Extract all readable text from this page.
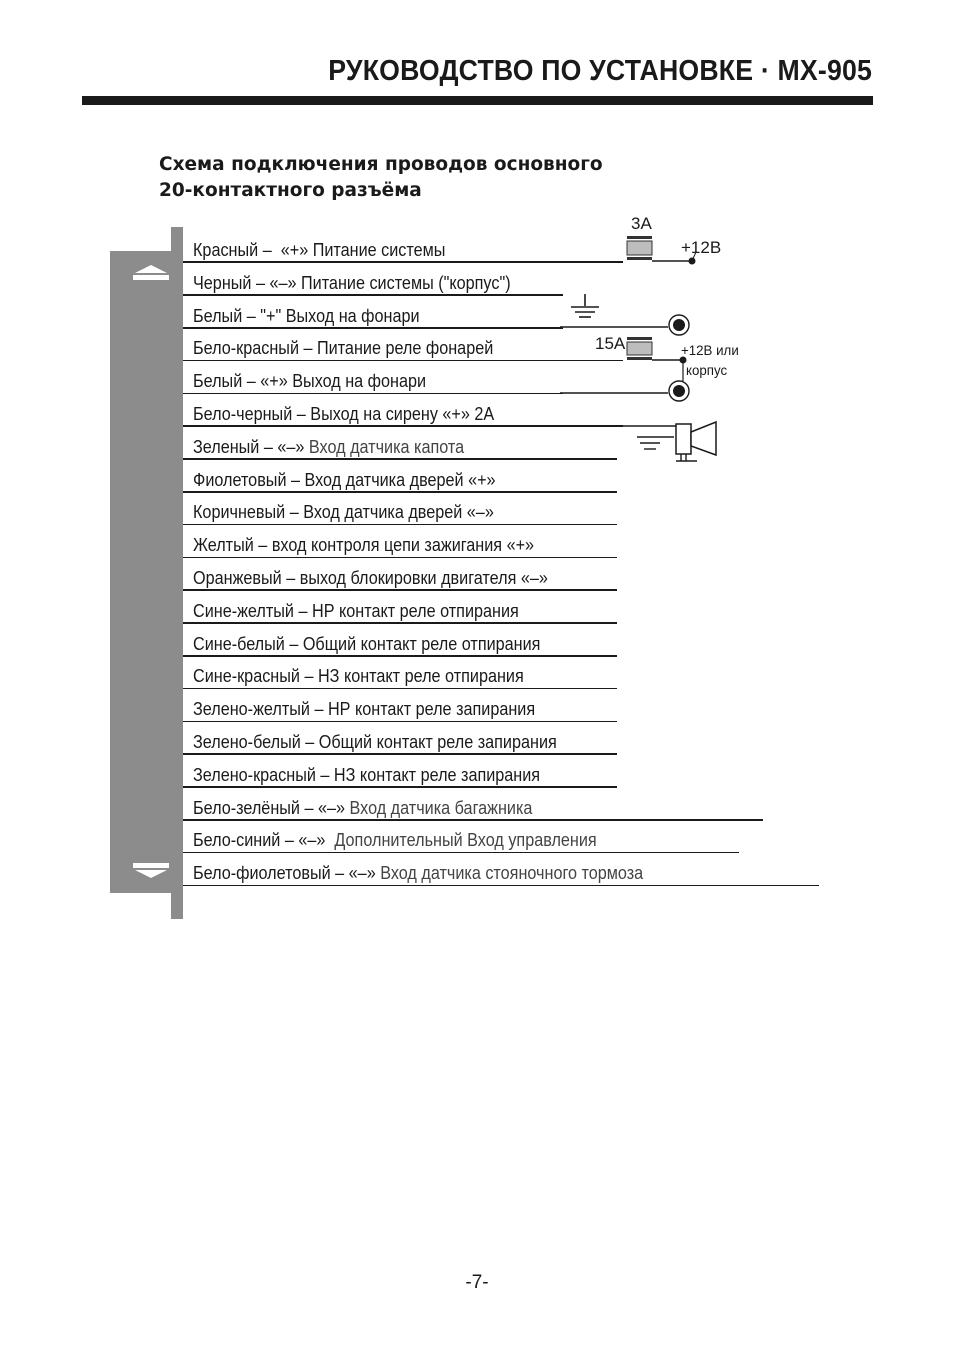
РУКОВОДСТВО ПО УСТАНОВКЕ · MX-905
Схема подключения проводов основного
20-контактного разъёма
Красный –  «+» Питание системы
Черный – «–» Питание системы ("корпус")
Белый – "+" Выход на фонари
Бело-красный – Питание реле фонарей
Белый – «+» Выход на фонари
Бело-черный – Выход на сирену «+» 2А
Зеленый – «–» Вход датчика капота
Фиолетовый – Вход датчика дверей «+»
Коричневый – Вход датчика дверей «–»
Желтый – вход контроля цепи зажигания «+»
Оранжевый – выход блокировки двигателя «–»
Сине-желтый – НР контакт реле отпирания
Сине-белый – Общий контакт реле отпирания
Сине-красный – НЗ контакт реле отпирания
Зелено-желтый – НР контакт реле запирания
Зелено-белый – Общий контакт реле запирания
Зелено-красный – НЗ контакт реле запирания
Бело-зелёный – «–» Вход датчика багажника
Бело-синий – «–»  Дополнительный Вход управления
Бело-фиолетовый – «–» Вход датчика стояночного тормоза
3А
+12В
15А	+12В или
корпус
-7-
